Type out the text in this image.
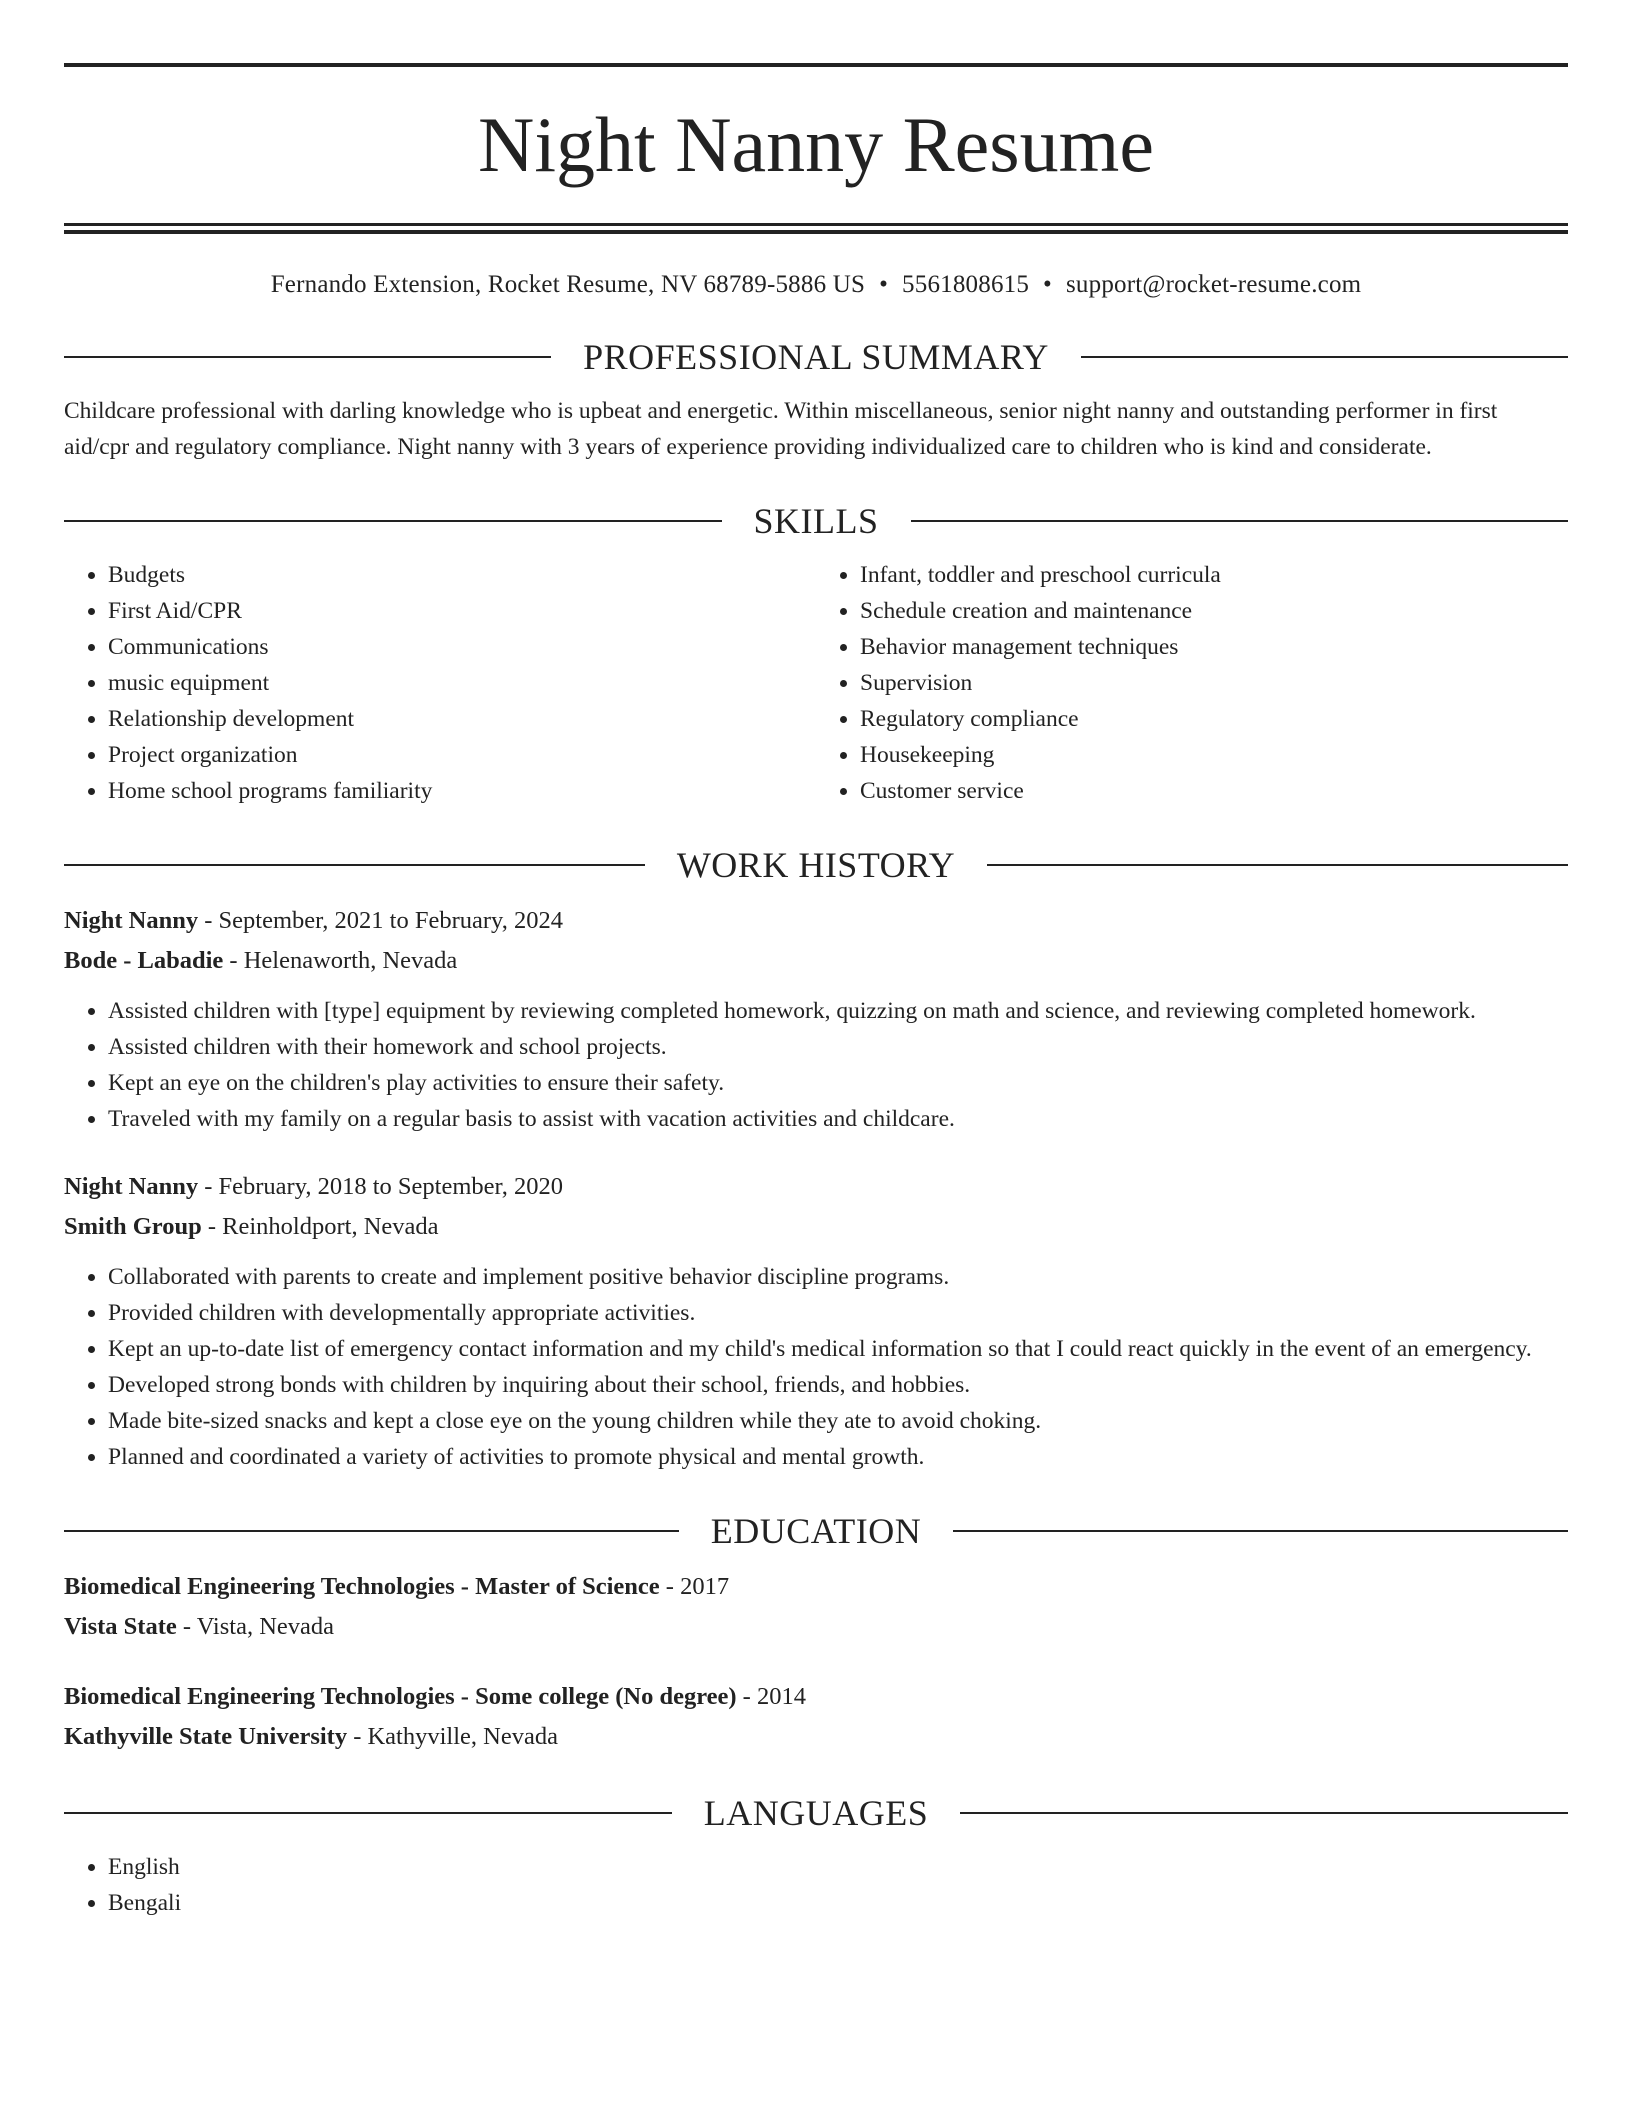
Night Nanny Resume
Fernando Extension, Rocket Resume, NV 68789-5886 US • 5561808615 • support@rocket-resume.com
PROFESSIONAL SUMMARY

Childcare professional with darling knowledge who is upbeat and energetic. Within miscellaneous, senior night nanny and outstanding performer in first aid/cpr and regulatory compliance. Night nanny with 3 years of experience providing individualized care to children who is kind and considerate.

SKILLS
• Budgets
• First Aid/CPR
• Communications
• music equipment
• Relationship development
• Project organization
• Home school programs familiarity
• Infant, toddler and preschool curricula
• Schedule creation and maintenance
• Behavior management techniques
• Supervision
• Regulatory compliance
• Housekeeping
• Customer service
WORK HISTORY
Night Nanny - September, 2021 to February, 2024
Bode - Labadie - Helenaworth, Nevada
• Assisted children with [type] equipment by reviewing completed homework, quizzing on math and science, and reviewing completed homework.
• Assisted children with their homework and school projects.
• Kept an eye on the children's play activities to ensure their safety.
• Traveled with my family on a regular basis to assist with vacation activities and childcare.
Night Nanny - February, 2018 to September, 2020
Smith Group - Reinholdport, Nevada
• Collaborated with parents to create and implement positive behavior discipline programs.
• Provided children with developmentally appropriate activities.
• Kept an up-to-date list of emergency contact information and my child's medical information so that I could react quickly in the event of an emergency.
• Developed strong bonds with children by inquiring about their school, friends, and hobbies.
• Made bite-sized snacks and kept a close eye on the young children while they ate to avoid choking.
• Planned and coordinated a variety of activities to promote physical and mental growth.
EDUCATION
Biomedical Engineering Technologies - Master of Science - 2017
Vista State - Vista, Nevada
Biomedical Engineering Technologies - Some college (No degree) - 2014
Kathyville State University - Kathyville, Nevada
LANGUAGES
• English
• Bengali
